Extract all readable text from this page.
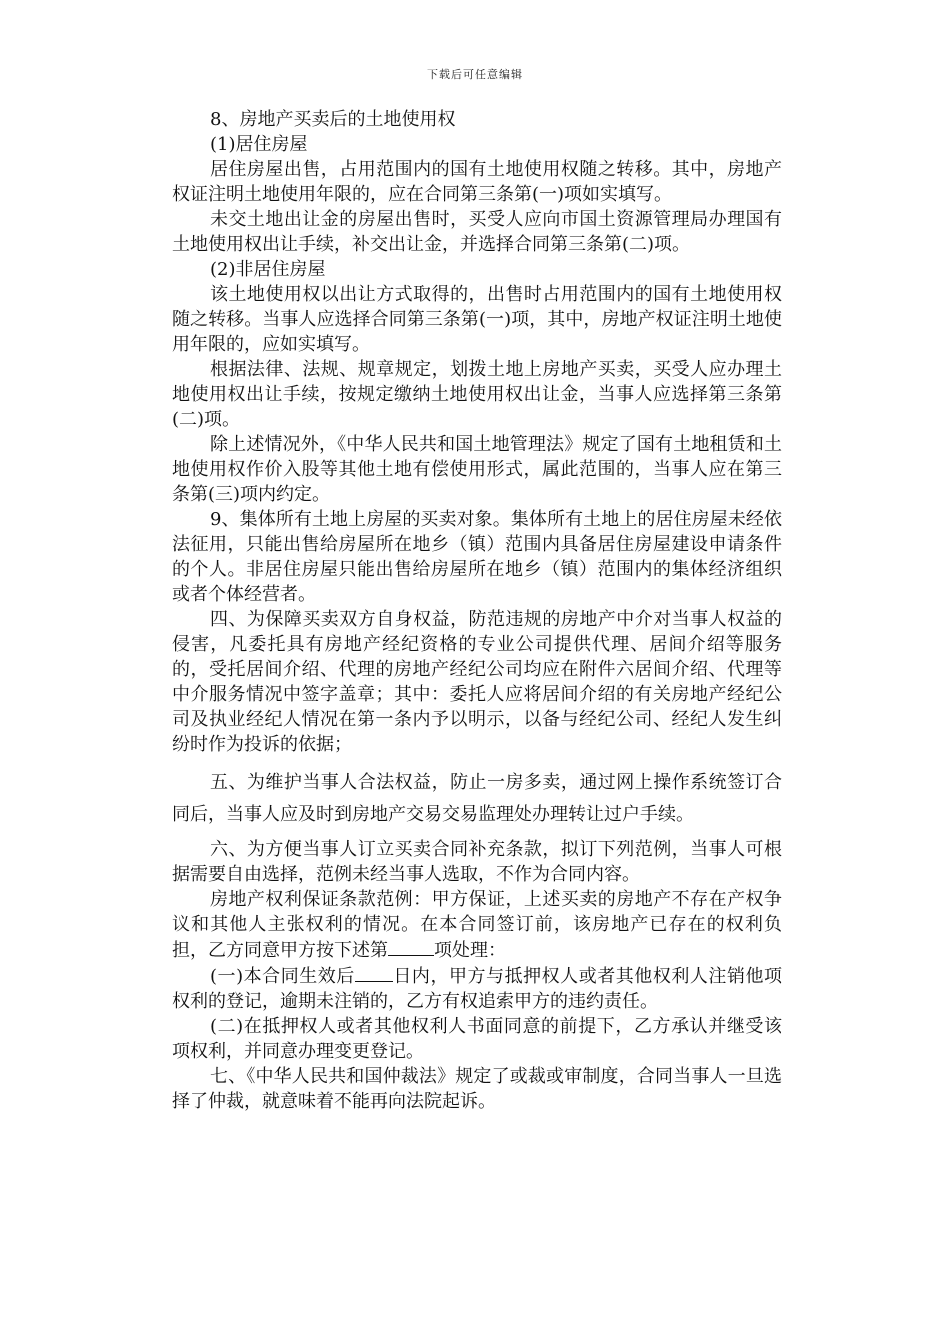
下载后可任意编辑

8、房地产买卖后的土地使用权

(1)居住房屋

居住房屋出售，占用范围内的国有土地使用权随之转移。其中，房地产权证注明土地使用年限的，应在合同第三条第(一)项如实填写。

未交土地出让金的房屋出售时，买受人应向市国土资源管理局办理国有土地使用权出让手续，补交出让金，并选择合同第三条第(二)项。

(2)非居住房屋

该土地使用权以出让方式取得的，出售时占用范围内的国有土地使用权随之转移。当事人应选择合同第三条第(一)项，其中，房地产权证注明土地使用年限的，应如实填写。

根据法律、法规、规章规定，划拨土地上房地产买卖，买受人应办理土地使用权出让手续，按规定缴纳土地使用权出让金，当事人应选择第三条第(二)项。

除上述情况外，《中华人民共和国土地管理法》规定了国有土地租赁和土地使用权作价入股等其他土地有偿使用形式，属此范围的，当事人应在第三条第(三)项内约定。

9、集体所有土地上房屋的买卖对象。集体所有土地上的居住房屋未经依法征用，只能出售给房屋所在地乡（镇）范围内具备居住房屋建设申请条件的个人。非居住房屋只能出售给房屋所在地乡（镇）范围内的集体经济组织或者个体经营者。

四、为保障买卖双方自身权益，防范违规的房地产中介对当事人权益的侵害，凡委托具有房地产经纪资格的专业公司提供代理、居间介绍等服务的，受托居间介绍、代理的房地产经纪公司均应在附件六居间介绍、代理等中介服务情况中签字盖章；其中：委托人应将居间介绍的有关房地产经纪公司及执业经纪人情况在第一条内予以明示，以备与经纪公司、经纪人发生纠纷时作为投诉的依据；

五、为维护当事人合法权益，防止一房多卖，通过网上操作系统签订合同后，当事人应及时到房地产交易交易监理处办理转让过户手续。

六、为方便当事人订立买卖合同补充条款，拟订下列范例，当事人可根据需要自由选择，范例未经当事人选取，不作为合同内容。

房地产权利保证条款范例：甲方保证，上述买卖的房地产不存在产权争议和其他人主张权利的情况。在本合同签订前，该房地产已存在的权利负担，乙方同意甲方按下述第	项处理：

(一)本合同生效后 日内，甲方与抵押权人或者其他权利人注销他项权利的登记，逾期未注销的，乙方有权追索甲方的违约责任。

(二)在抵押权人或者其他权利人书面同意的前提下，乙方承认并继受该项权利，并同意办理变更登记。

七、《中华人民共和国仲裁法》规定了或裁或审制度，合同当事人一旦选择了仲裁，就意味着不能再向法院起诉。
